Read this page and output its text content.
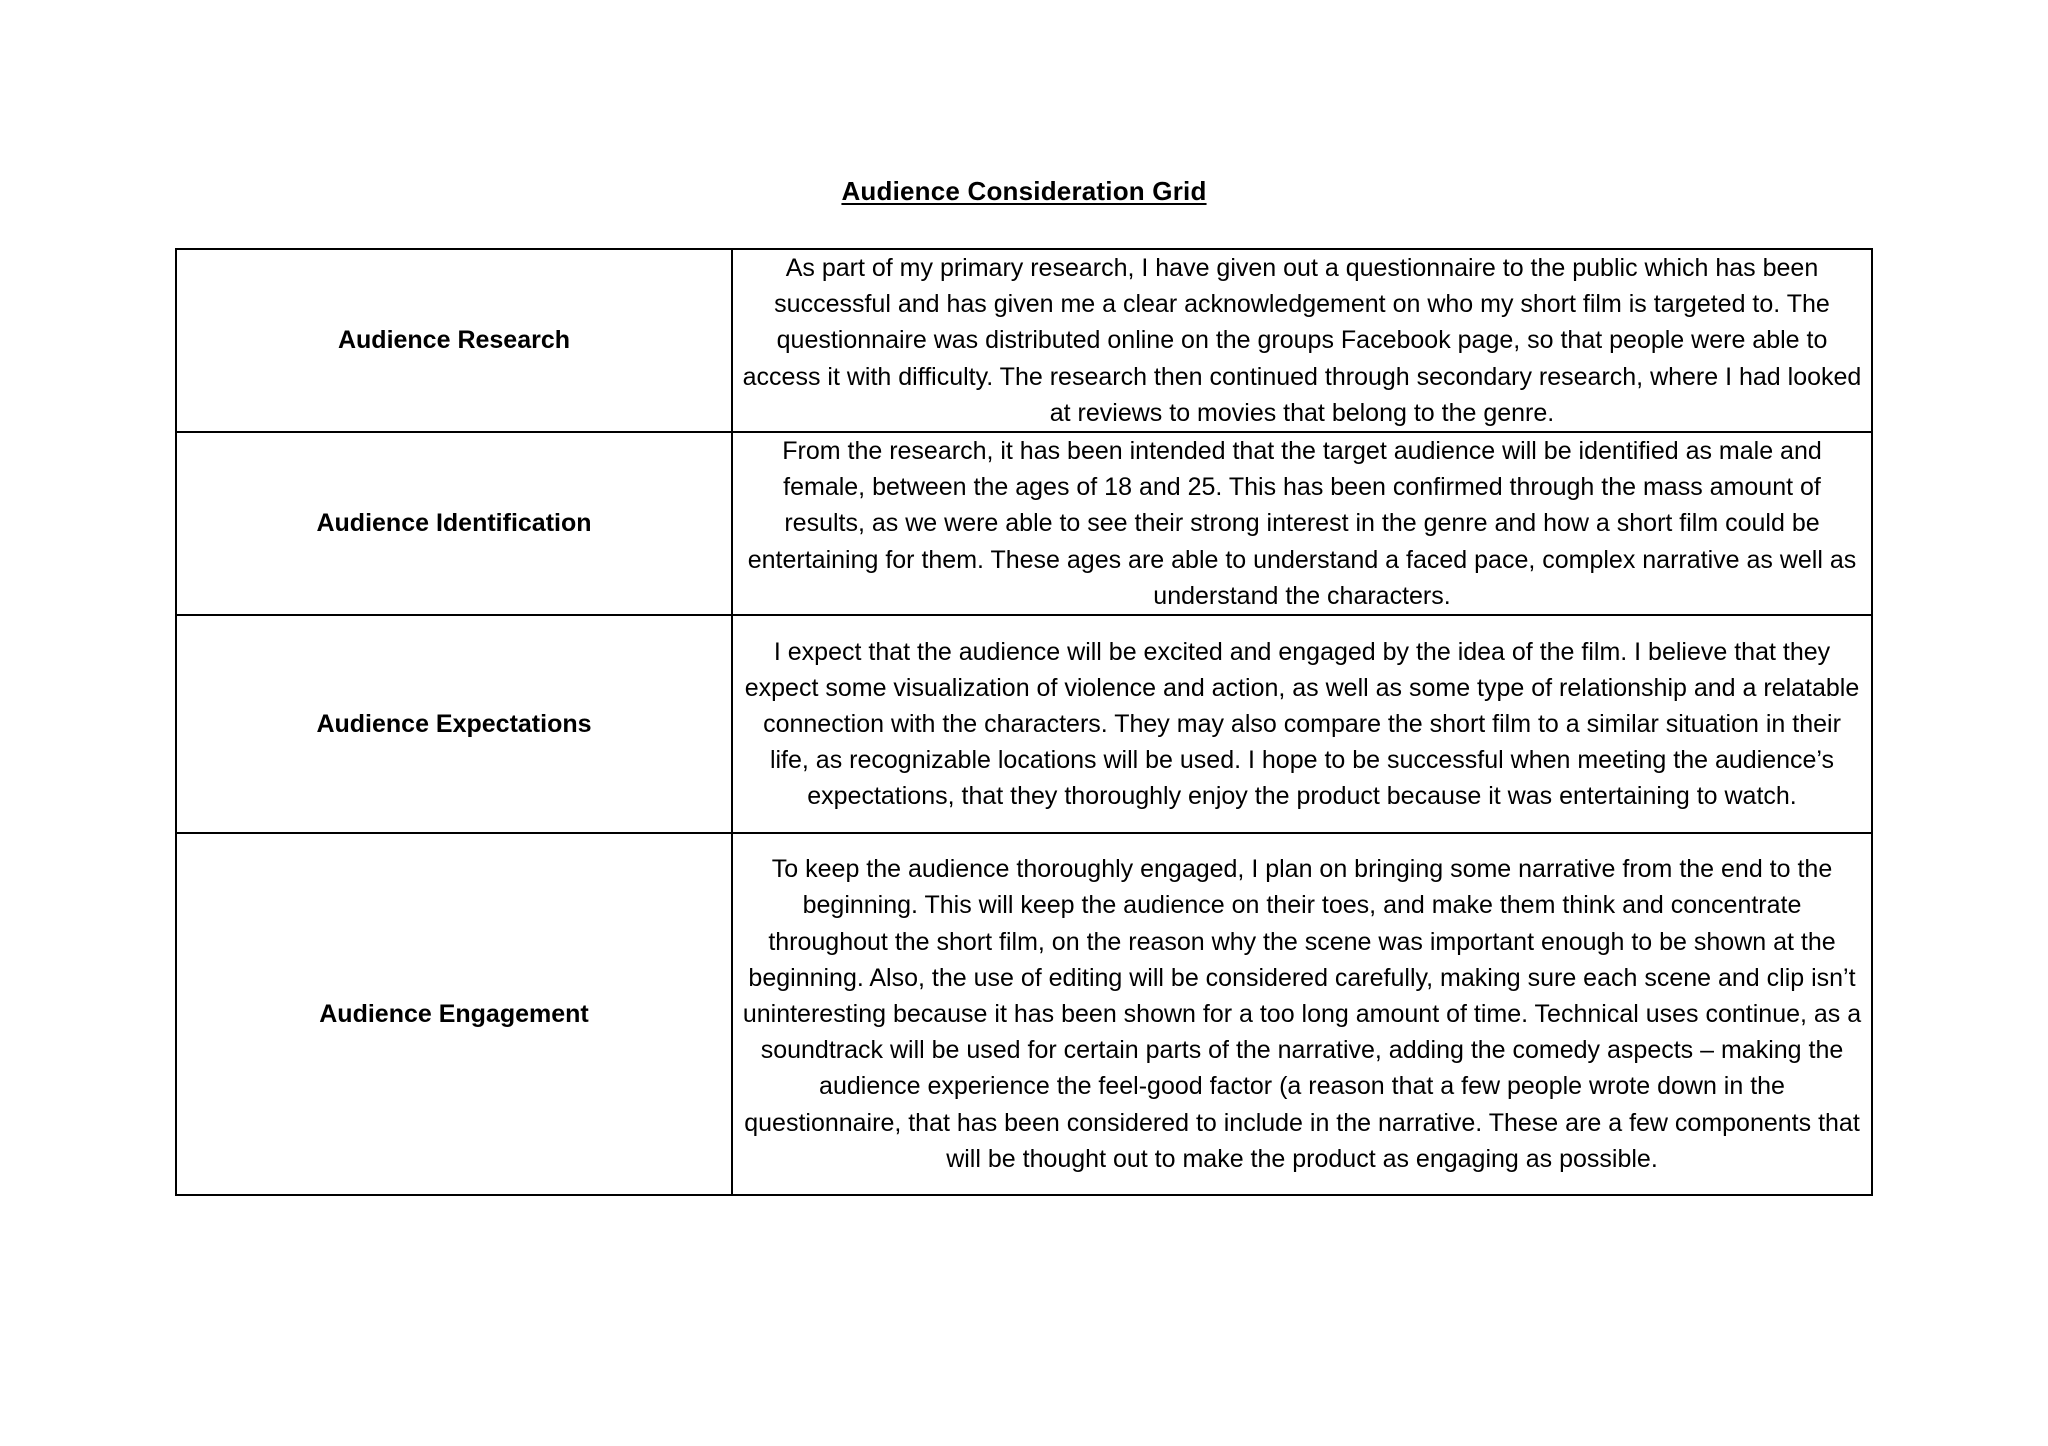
Audience Consideration Grid
Audience Research	As part of my primary research, I have given out a questionnaire to the public which has been successful and has given me a clear acknowledgement on who my short film is targeted to. The questionnaire was distributed online on the groups Facebook page, so that people were able to access it with difficulty. The research then continued through secondary research, where I had looked at reviews to movies that belong to the genre.
Audience Identification	From the research, it has been intended that the target audience will be identified as male and female, between the ages of 18 and 25. This has been confirmed through the mass amount of results, as we were able to see their strong interest in the genre and how a short film could be entertaining for them. These ages are able to understand a faced pace, complex narrative as well as understand the characters.
Audience Expectations	I expect that the audience will be excited and engaged by the idea of the film. I believe that they expect some visualization of violence and action, as well as some type of relationship and a relatable connection with the characters. They may also compare the short film to a similar situation in their life, as recognizable locations will be used. I hope to be successful when meeting the audience’s expectations, that they thoroughly enjoy the product because it was entertaining to watch.
Audience Engagement	To keep the audience thoroughly engaged, I plan on bringing some narrative from the end to the beginning. This will keep the audience on their toes, and make them think and concentrate throughout the short film, on the reason why the scene was important enough to be shown at the beginning. Also, the use of editing will be considered carefully, making sure each scene and clip isn’t uninteresting because it has been shown for a too long amount of time. Technical uses continue, as a soundtrack will be used for certain parts of the narrative, adding the comedy aspects – making the audience experience the feel-good factor (a reason that a few people wrote down in the questionnaire, that has been considered to include in the narrative. These are a few components that will be thought out to make the product as engaging as possible.
